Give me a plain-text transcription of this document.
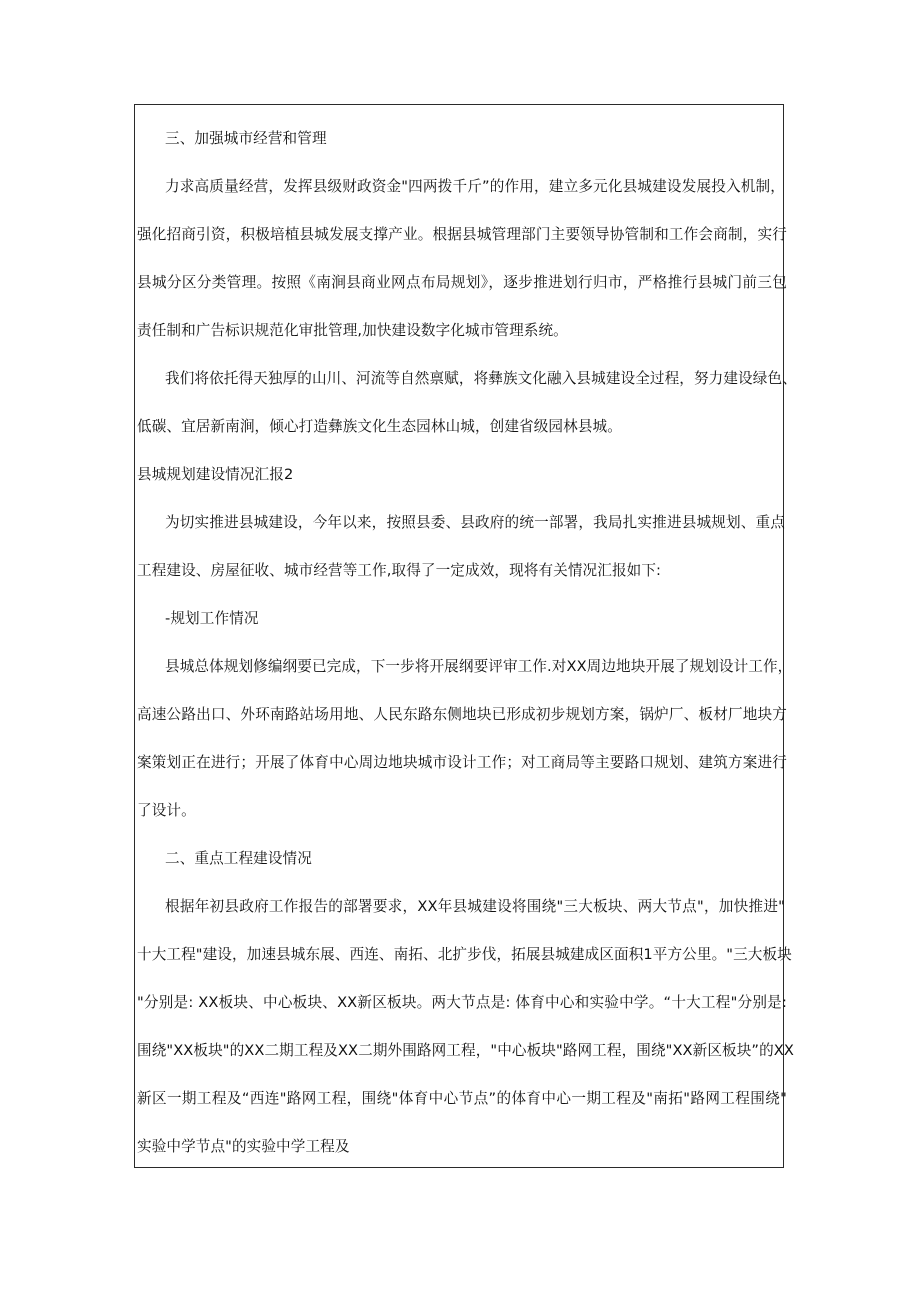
三、加强城市经营和管理
力求高质量经营，发挥县级财政资金"四两拨千斤”的作用，建立多元化县城建设发展投入机制，
强化招商引资，积极培植县城发展支撑产业。根据县城管理部门主要领导协管制和工作会商制，实行
县城分区分类管理。按照《南涧县商业网点布局规划》，逐步推进划行归市，严格推行县城门前三包
责任制和广告标识规范化审批管理,加快建设数字化城市管理系统。
我们将依托得天独厚的山川、河流等自然禀赋，将彝族文化融入县城建设全过程，努力建设绿色、
低碳、宜居新南涧，倾心打造彝族文化生态园林山城，创建省级园林县城。
县城规划建设情况汇报2
为切实推进县城建设，今年以来，按照县委、县政府的统一部署，我局扎实推进县城规划、重点
工程建设、房屋征收、城市经营等工作,取得了一定成效，现将有关情况汇报如下:
-规划工作情况
县城总体规划修编纲要已完成，下一步将开展纲要评审工作.对XX周边地块开展了规划设计工作，
高速公路出口、外环南路站场用地、人民东路东侧地块已形成初步规划方案，锅炉厂、板材厂地块方
案策划正在进行；开展了体育中心周边地块城市设计工作；对工商局等主要路口规划、建筑方案进行
了设计。
二、重点工程建设情况
根据年初县政府工作报告的部署要求，XX年县城建设将围绕"三大板块、两大节点"，加快推进"
十大工程"建设，加速县城东展、西连、南拓、北扩步伐，拓展县城建成区面积1平方公里。"三大板块
"分别是: XX板块、中心板块、XX新区板块。两大节点是: 体育中心和实验中学。“十大工程"分别是:
围绕"XX板块"的XX二期工程及XX二期外围路网工程，"中心板块"路网工程，围绕"XX新区板块”的XX
新区一期工程及“西连"路网工程，围绕"体育中心节点”的体育中心一期工程及"南拓"路网工程围绕"
实验中学节点"的实验中学工程及
